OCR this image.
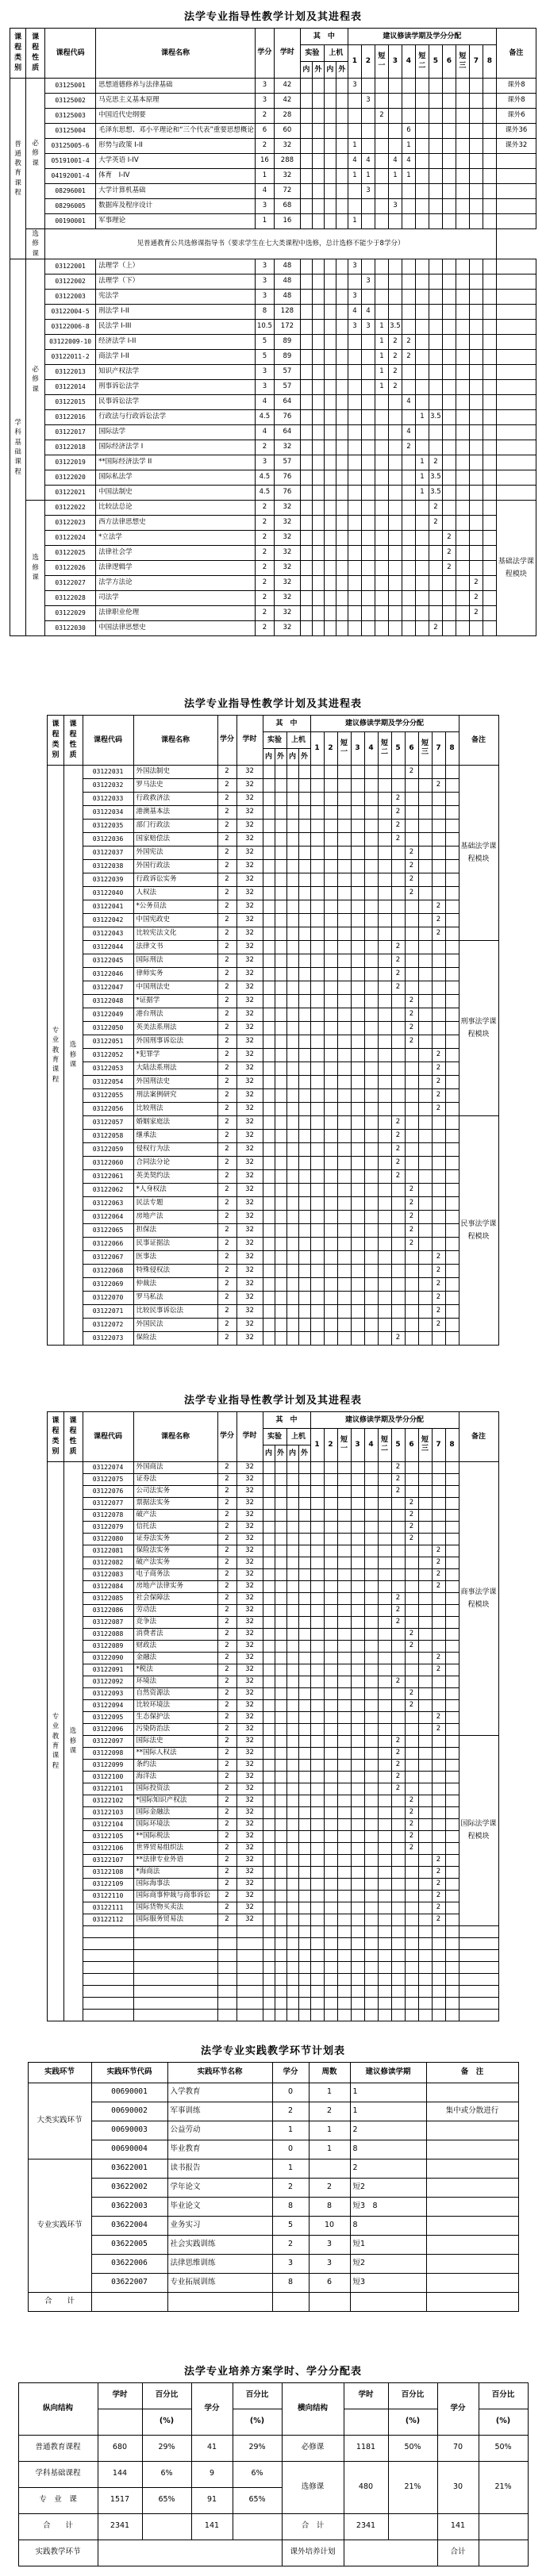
法学专业指导性教学计划及其进程表
课程类别	课程性质	课程代码	课程名称	学分	学时	其　中				建议修读学期及学分分配											备注
						实验		上机		1	2	短一	3	4	短二	5	6	短三	7	8	
						内	外	内	外												
普通教育课程	必修课	03125001	思想道德修养与法律基础	3	42					3											课外8
		03125002	马克思主义基本原理	3	42						3										课外8
		03125003	中国近代史纲要	2	28							2									课外6
		03125004	毛泽东思想、邓小平理论和“三个代表”重要思想概论	6	60									6							课外36
		03125005-6	形势与政策 I-II	2	32					1				1							课外32
		05191001-4	大学英语 I-IV	16	288					4	4		4	4							
		04192001-4	体育　I-IV	1	32					1	1		1	1							
		08296001	大学计算机基础	4	72						3										
		08296005	数据库及程序设计	3	68								3								
		00190001	军事理论	1	16					1											
	选修课	见普通教育公共选修课指导书（要求学生在七大类课程中选修，总计选修不能少于8学分）																			
学科基础课程	必修课	03122001	法理学（上）	3	48					3											
		03122002	法理学（下）	3	48						3										
		03122003	宪法学	3	48					3											
		03122004-5	刑法学 I-II	8	128					4	4										
		03122006-8	民法学 I-III	10.5	172					3	3	1	3.5								
		03122009-10	经济法学 I-II	5	89							1	2	2							
		03122011-2	商法学 I-II	5	89							1	2	2							
		03122013	知识产权法学	3	57							1	2								
		03122014	刑事诉讼法学	3	57							1	2								
		03122015	民事诉讼法学	4	64									4							
		03122016	行政法与行政诉讼法学	4.5	76										1	3.5					
		03122017	国际法学	4	64									4							
		03122018	国际经济法学 I	2	32									2							
		03122019	**国际经济法学 II	3	57										1	2					
		03122020	国际私法学	4.5	76										1	3.5					
		03122021	中国法制史	4.5	76										1	3.5					
	选修课	03122022	比较法总论	2	32											2					基础法学课程模块
		03122023	西方法律思想史	2	32											2					
		03122024	*立法学	2	32												2				
		03122025	法律社会学	2	32												2				
		03122026	法律逻辑学	2	32												2				
		03122027	法学方法论	2	32														2		
		03122028	司法学	2	32														2		
		03122029	法律职业伦理	2	32														2		
		03122030	中国法律思想史	2	32											2					
法学专业指导性教学计划及其进程表
课程类别	课程性质	课程代码	课程名称	学分	学时	其　中				建议修读学期及学分分配											备注
						实验		上机		1	2	短一	3	4	短二	5	6	短三	7	8	
						内	外	内	外												
专业教育课程	选修课	03122031	外国法制史	2	32												2				基础法学课程模块
		03122032	罗马法史	2	32														2		
		03122033	行政救济法	2	32											2					
		03122034	港澳基本法	2	32											2					
		03122035	部门行政法	2	32											2					
		03122036	国家赔偿法	2	32											2					
		03122037	外国宪法	2	32												2				
		03122038	外国行政法	2	32												2				
		03122039	行政诉讼实务	2	32												2				
		03122040	人权法	2	32												2				
		03122041	*公务员法	2	32														2		
		03122042	中国宪政史	2	32														2		
		03122043	比较宪法文化	2	32														2		
		03122044	法律文书	2	32											2					刑事法学课程模块
		03122045	国际刑法	2	32											2					
		03122046	律师实务	2	32											2					
		03122047	中国刑法史	2	32											2					
		03122048	*证据学	2	32												2				
		03122049	港台刑法	2	32												2				
		03122050	英美法系刑法	2	32												2				
		03122051	外国刑事诉讼法	2	32												2				
		03122052	*犯罪学	2	32														2		
		03122053	大陆法系刑法	2	32														2		
		03122054	外国刑法史	2	32														2		
		03122055	刑法案例研究	2	32														2		
		03122056	比较刑法	2	32														2		
		03122057	婚姻家庭法	2	32											2					民事法学课程模块
		03122058	继承法	2	32											2					
		03122059	侵权行为法	2	32											2					
		03122060	合同法分论	2	32											2					
		03122061	英美契约法	2	32											2					
		03122062	*人身权法	2	32												2				
		03122063	民法专题	2	32												2				
		03122064	房地产法	2	32												2				
		03122065	担保法	2	32												2				
		03122066	民事证据法	2	32												2				
		03122067	医事法	2	32														2		
		03122068	特殊侵权法	2	32														2		
		03122069	仲裁法	2	32														2		
		03122070	罗马私法	2	32														2		
		03122071	比较民事诉讼法	2	32														2		
		03122072	外国民法	2	32														2		
		03122073	保险法	2	32											2					
法学专业指导性教学计划及其进程表
课程类别	课程性质	课程代码	课程名称	学分	学时	其　中				建议修读学期及学分分配											备注
						实验		上机		1	2	短一	3	4	短二	5	6	短三	7	8	
						内	外	内	外												
专业教育课程	选修课	03122074	外国商法	2	32											2					商事法学课程模块
		03122075	证券法	2	32											2					
		03122076	公司法实务	2	32											2					
		03122077	票据法实务	2	32												2				
		03122078	破产法	2	32												2				
		03122079	信托法	2	32												2				
		03122080	证券法实务	2	32												2				
		03122081	保险法实务	2	32														2		
		03122082	破产法实务	2	32														2		
		03122083	电子商务法	2	32														2		
		03122084	房地产法律实务	2	32														2		
		03122085	社会保障法	2	32											2					
		03122086	劳动法	2	32											2					
		03122087	竞争法	2	32											2					
		03122088	消费者法	2	32												2				
		03122089	财政法	2	32												2				
		03122090	金融法	2	32														2		
		03122091	*税法	2	32														2		
		03122092	环境法	2	32											2					
		03122093	自然资源法	2	32												2				
		03122094	比较环境法	2	32												2				
		03122095	生态保护法	2	32														2		
		03122096	污染防治法	2	32														2		
		03122097	国际法史	2	32											2					国际法学课程模块
		03122098	**国际人权法	2	32											2					
		03122099	条约法	2	32											2					
		03122100	海洋法	2	32											2					
		03122101	国际投资法	2	32											2					
		03122102	*国际知识产权法	2	32												2				
		03122103	国际金融法	2	32												2				
		03122104	国际环境法	2	32												2				
		03122105	**国际税法	2	32												2				
		03122106	世界贸易组织法	2	32												2				
		03122107	**法律专业外语	2	32														2		
		03122108	*海商法	2	32														2		
		03122109	国际海事法	2	32														2		
		03122110	国际商事仲裁与商事诉讼	2	32														2		
		03122111	国际货物买卖法	2	32														2		
		03122112	国际服务贸易法	2	32														2		

法学专业实践教学环节计划表
实践环节	实践环节代码	实践环节名称	学分	周数	建议修读学期	备　注
大类实践环节	00690001	入学教育	0	1	1	
	00690002	军事训练	2	2	1	集中或分散进行
	00690003	公益劳动	1	1	2	
	00690004	毕业教育	0	1	8	
专业实践环节	03622001	读书报告	1		2	
	03622002	学年论文	2	2	短2	
	03622003	毕业论文	8	8	短3　8	
	03622004	业务实习	5	10	8	
	03622005	社会实践训练	2	3	短1	
	03622006	法律思维训练	3	3	短2	
	03622007	专业拓展训练	8	6	短3	
合　　计						
法学专业培养方案学时、学分分配表
纵向结构	学时	百分比	学分	百分比	横向结构	学时	百分比	学分	百分比
		(%)		(%)			(%)		(%)
普通教育课程	680	29%	41	29%	必修课	1181	50%	70	50%
学科基础课程	144	6%	9	6%	选修课	480	21%	30	21%
专　业　课	1517	65%	91	65%					
合　　计	2341		141		合　计	2341		141	
实践教学环节					课外培养计划			合计	
